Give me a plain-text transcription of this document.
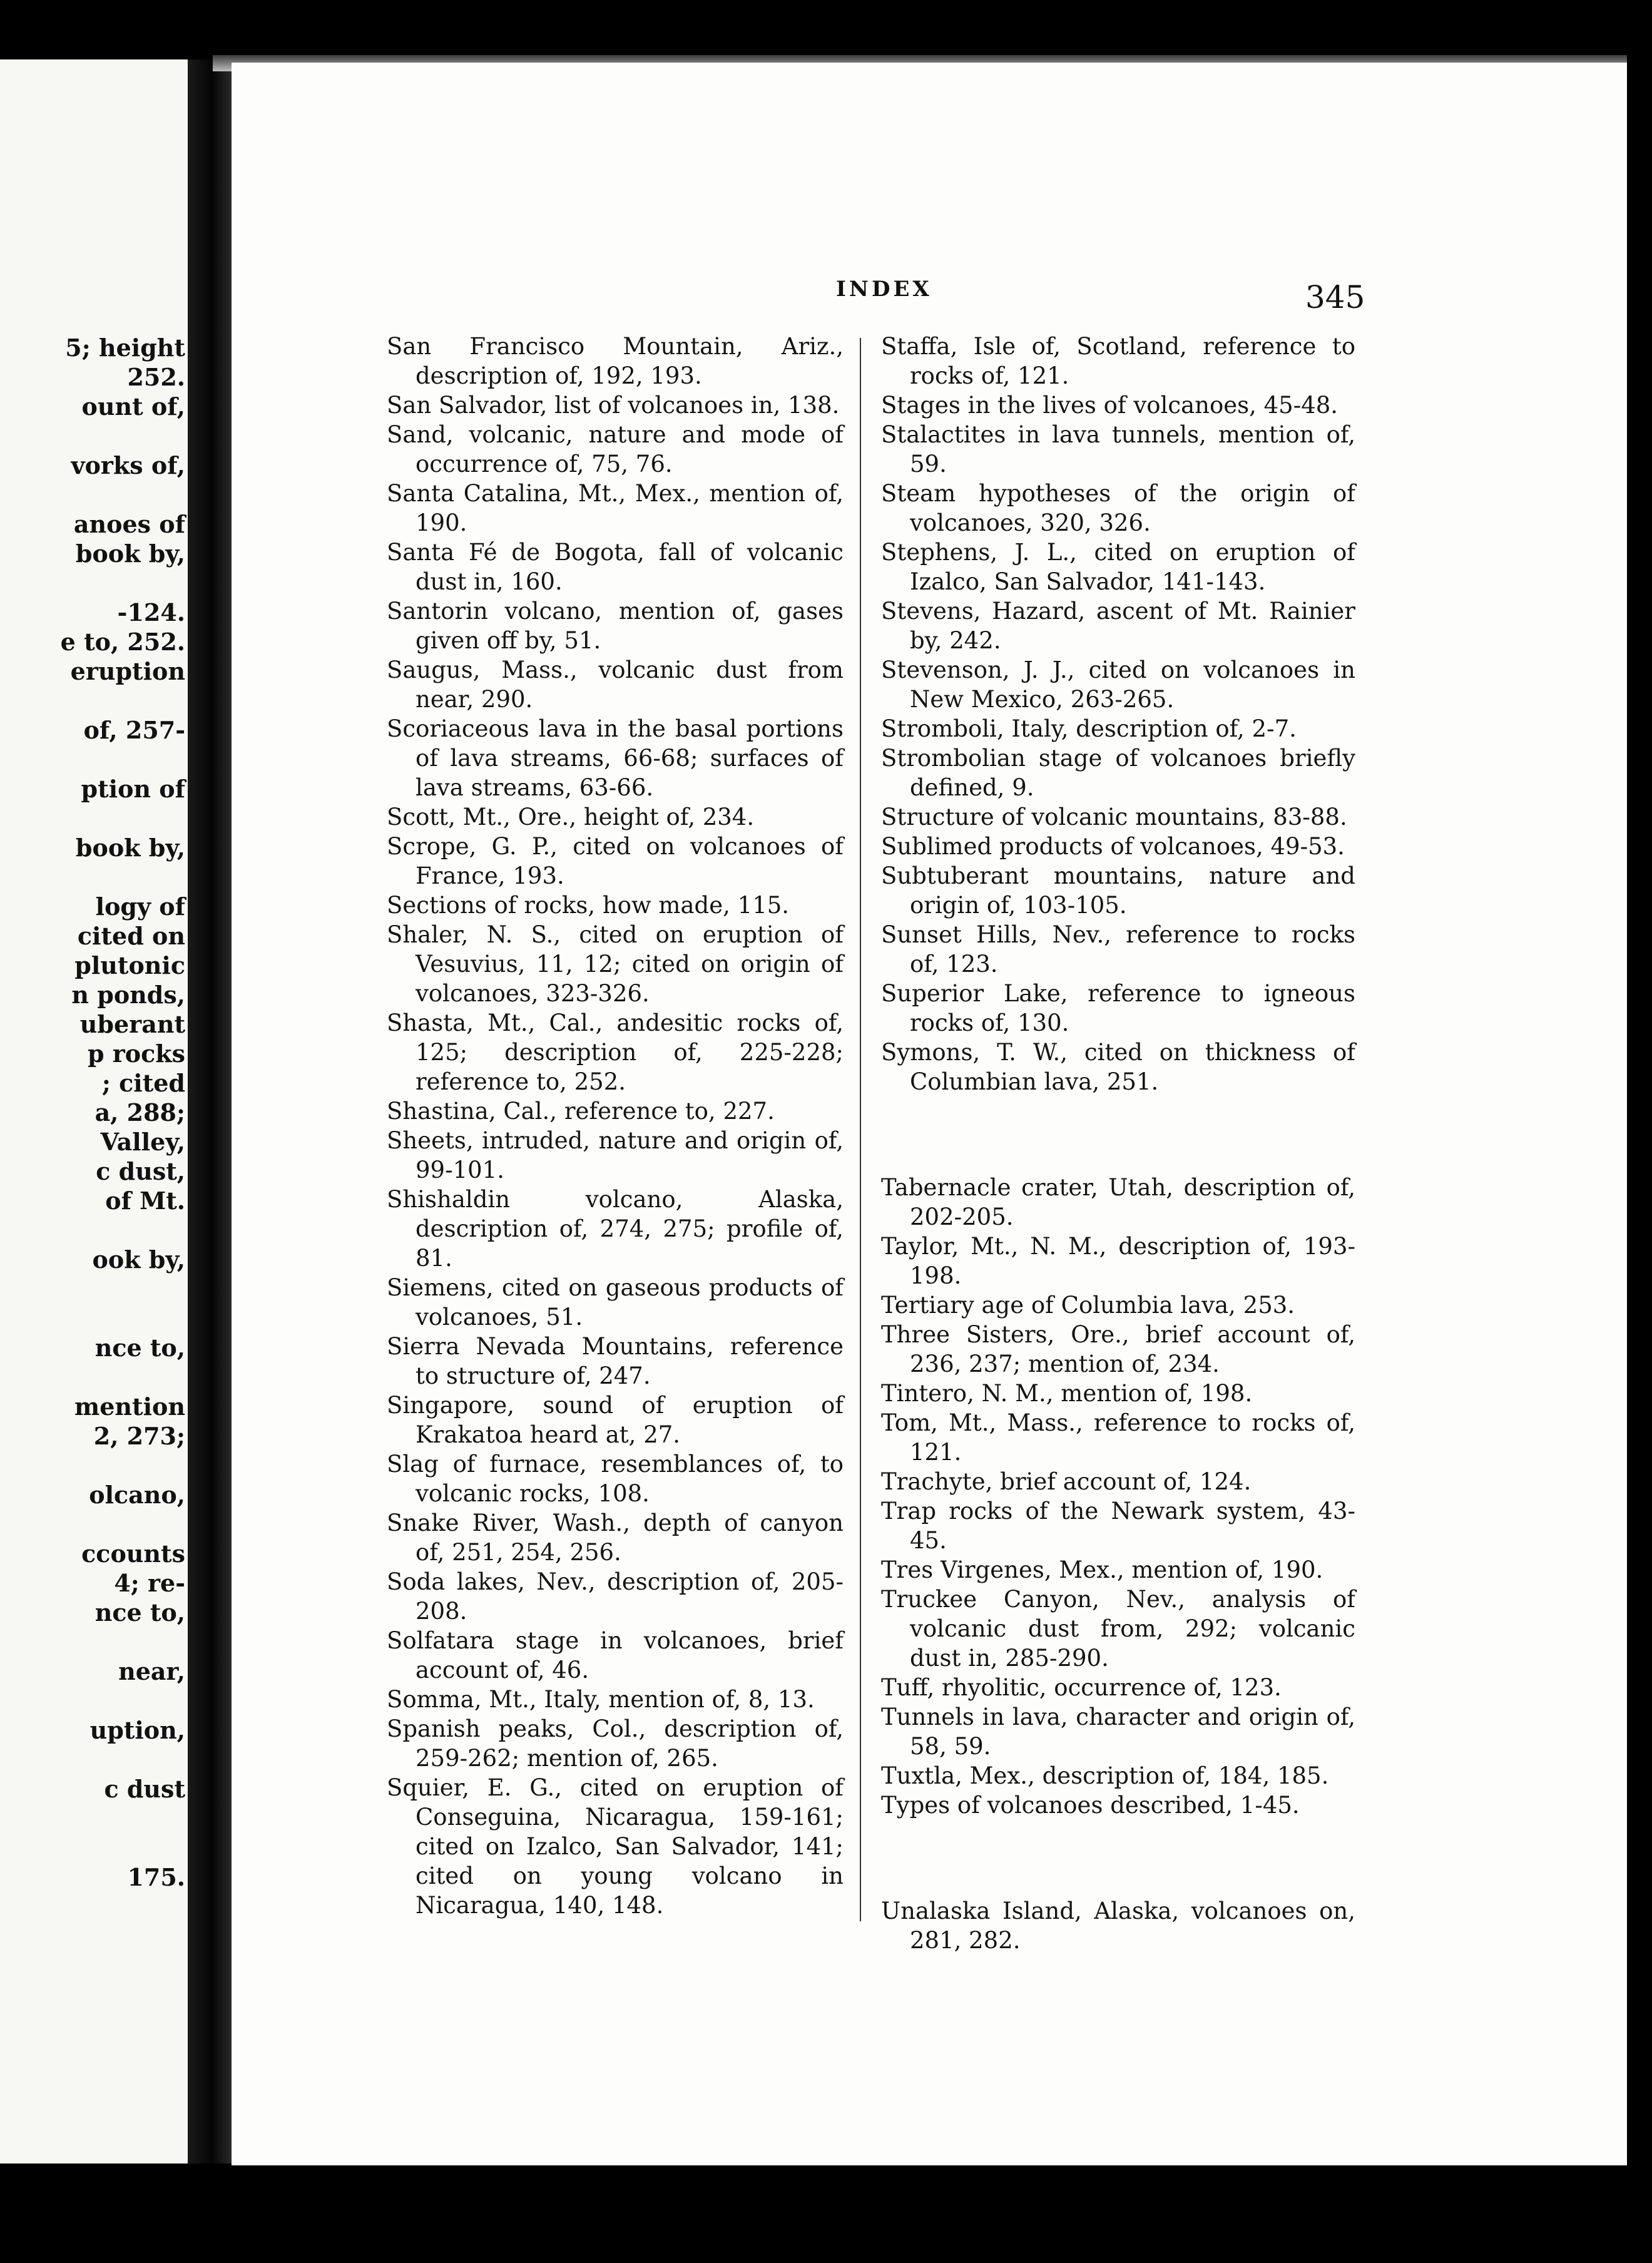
5; height
252.
ount of,
vorks of,
anoes of
book by,
-124.
e to, 252.
eruption
of, 257-
ption of
book by,
logy of
cited on
plutonic
n ponds,
uberant
p rocks
; cited
a, 288;
Valley,
c dust,
of Mt.
ook by,
nce to,
mention
2, 273;
olcano,
ccounts
4; re-
nce to,
near,
uption,
c dust
175.
INDEX	345

San Francisco Mountain, Ariz., description of, 192, 193.

San Salvador, list of volcanoes in, 138.

Sand, volcanic, nature and mode of occurrence of, 75, 76.

Santa Catalina, Mt., Mex., mention of, 190.

Santa Fé de Bogota, fall of volcanic dust in, 160.

Santorin volcano, mention of, gases given off by, 51.

Saugus, Mass., volcanic dust from near, 290.

Scoriaceous lava in the basal portions of lava streams, 66-68; surfaces of lava streams, 63-66.

Scott, Mt., Ore., height of, 234.

Scrope, G. P., cited on volcanoes of France, 193.

Sections of rocks, how made, 115.

Shaler, N. S., cited on eruption of Vesuvius, 11, 12; cited on origin of volcanoes, 323-326.

Shasta, Mt., Cal., andesitic rocks of, 125; description of, 225-228; reference to, 252.

Shastina, Cal., reference to, 227.

Sheets, intruded, nature and origin of, 99-101.

Shishaldin volcano, Alaska, description of, 274, 275; profile of, 81.

Siemens, cited on gaseous products of volcanoes, 51.

Sierra Nevada Mountains, reference to structure of, 247.

Singapore, sound of eruption of Krakatoa heard at, 27.

Slag of furnace, resemblances of, to volcanic rocks, 108.

Snake River, Wash., depth of canyon of, 251, 254, 256.

Soda lakes, Nev., description of, 205-208.

Solfatara stage in volcanoes, brief account of, 46.

Somma, Mt., Italy, mention of, 8, 13.

Spanish peaks, Col., description of, 259-262; mention of, 265.

Squier, E. G., cited on eruption of Conseguina, Nicaragua, 159-161; cited on Izalco, San Salvador, 141; cited on young volcano in Nicaragua, 140, 148.

Staffa, Isle of, Scotland, reference to rocks of, 121.

Stages in the lives of volcanoes, 45-48.

Stalactites in lava tunnels, mention of, 59.

Steam hypotheses of the origin of volcanoes, 320, 326.

Stephens, J. L., cited on eruption of Izalco, San Salvador, 141-143.

Stevens, Hazard, ascent of Mt. Rainier by, 242.

Stevenson, J. J., cited on volcanoes in New Mexico, 263-265.

Stromboli, Italy, description of, 2-7.

Strombolian stage of volcanoes briefly defined, 9.

Structure of volcanic mountains, 83-88.

Sublimed products of volcanoes, 49-53.

Subtuberant mountains, nature and origin of, 103-105.

Sunset Hills, Nev., reference to rocks of, 123.

Superior Lake, reference to igneous rocks of, 130.

Symons, T. W., cited on thickness of Columbian lava, 251.

Tabernacle crater, Utah, description of, 202-205.

Taylor, Mt., N. M., description of, 193-198.

Tertiary age of Columbia lava, 253.

Three Sisters, Ore., brief account of, 236, 237; mention of, 234.

Tintero, N. M., mention of, 198.

Tom, Mt., Mass., reference to rocks of, 121.

Trachyte, brief account of, 124.

Trap rocks of the Newark system, 43-45.

Tres Virgenes, Mex., mention of, 190.

Truckee Canyon, Nev., analysis of volcanic dust from, 292; volcanic dust in, 285-290.

Tuff, rhyolitic, occurrence of, 123.

Tunnels in lava, character and origin of, 58, 59.

Tuxtla, Mex., description of, 184, 185.

Types of volcanoes described, 1-45.

Unalaska Island, Alaska, volcanoes on, 281, 282.
